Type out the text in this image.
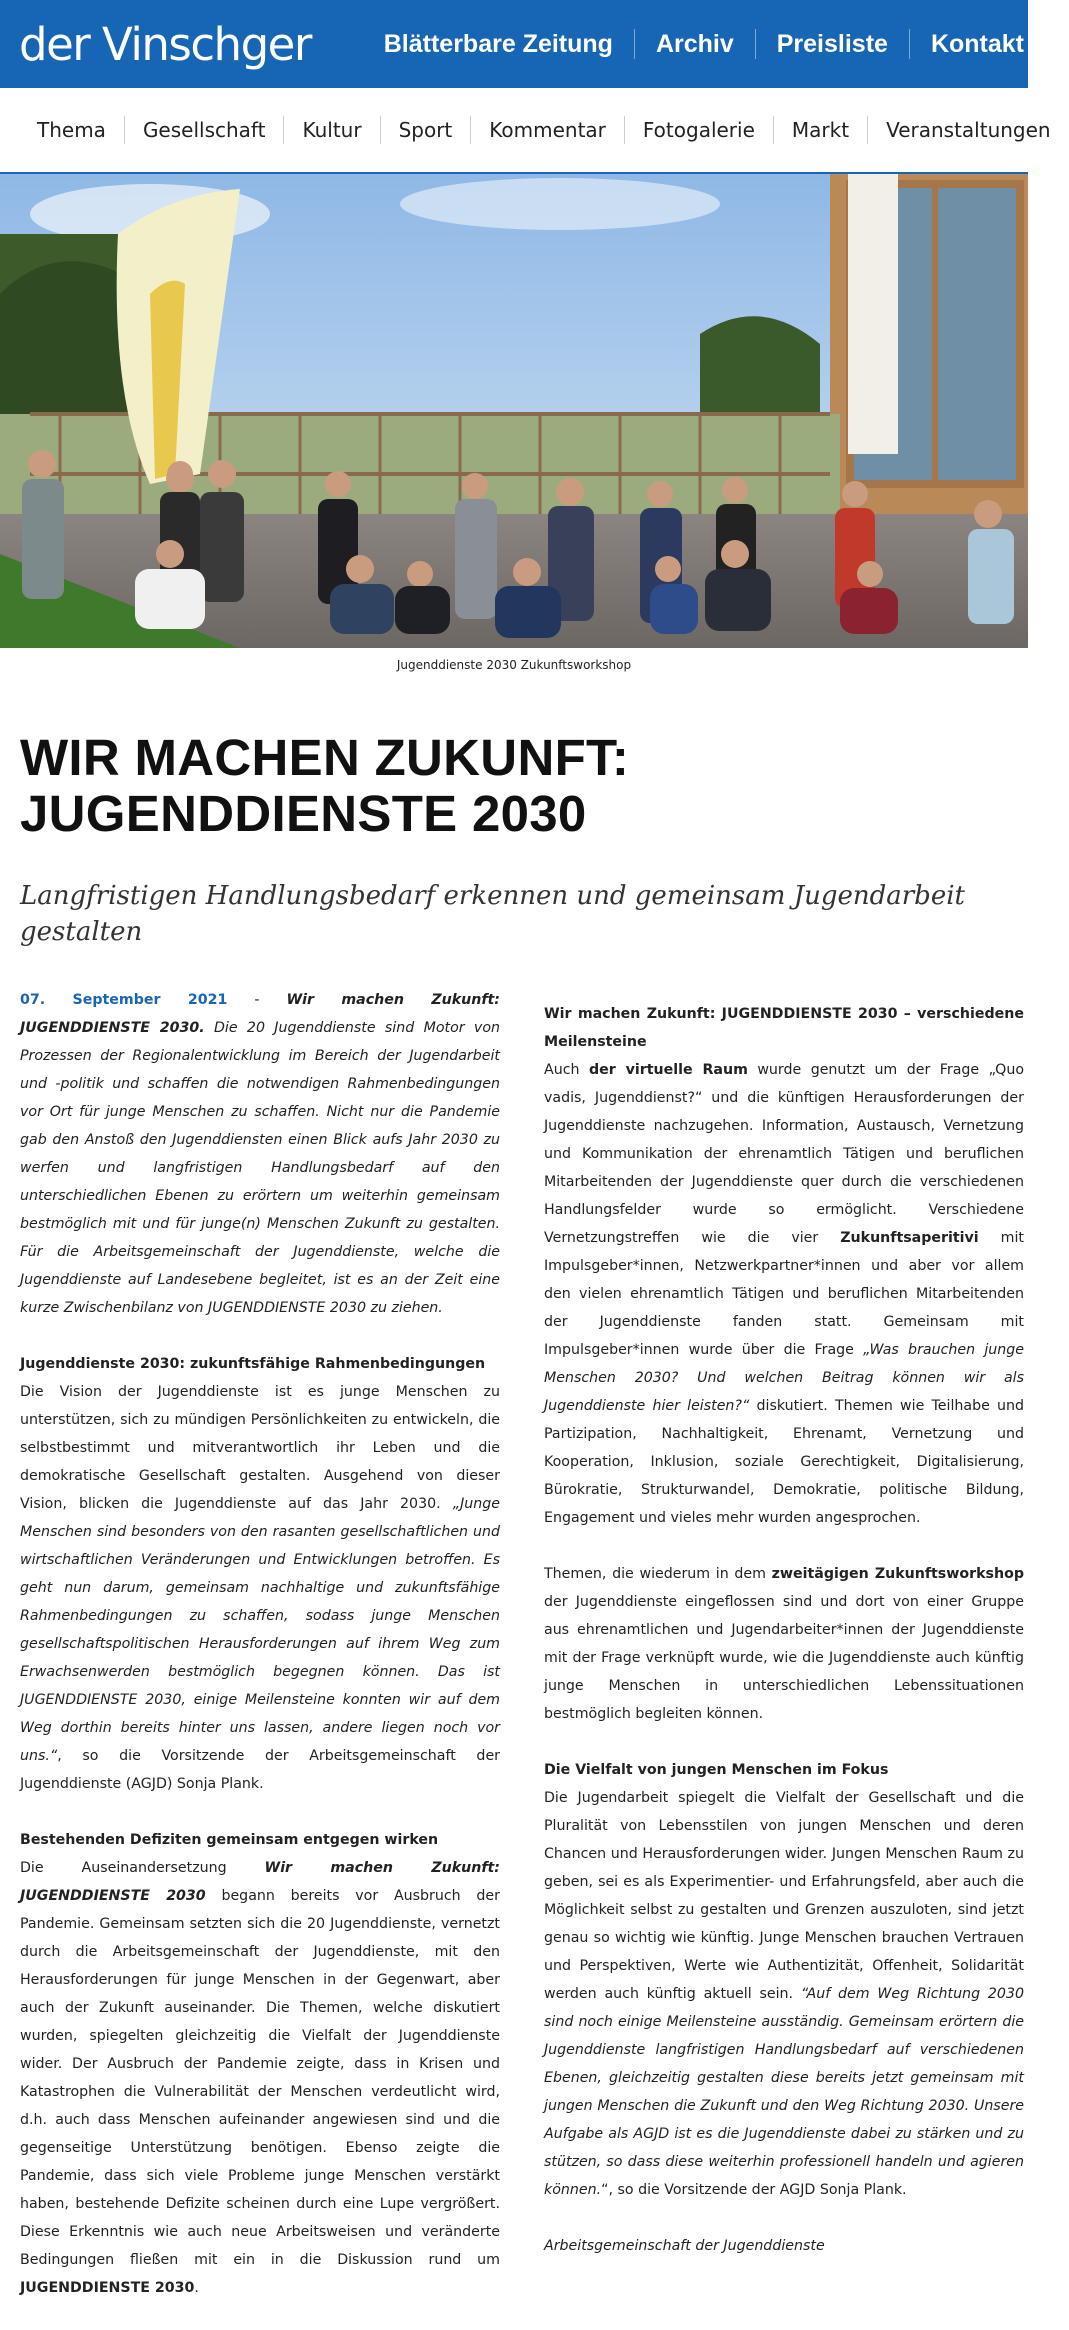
der Vinschger	Blätterbare Zeitung	Archiv	Preisliste	Kontakt
Thema	Gesellschaft	Kultur	Sport	Kommentar	Fotogalerie	Markt	Veranstaltungen
Jugenddienste 2030 Zukunftsworkshop
WIR MACHEN ZUKUNFT:
JUGENDDIENSTE 2030
Langfristigen Handlungsbedarf erkennen und gemeinsam Jugendarbeit gestalten

07. September 2021 - Wir machen Zukunft: JUGENDDIENSTE 2030. Die 20 Jugenddienste sind Motor von Prozessen der Regionalentwicklung im Bereich der Jugendarbeit und -politik und schaffen die notwendigen Rahmenbedingungen vor Ort für junge Menschen zu schaffen. Nicht nur die Pandemie gab den Anstoß den Jugenddiensten einen Blick aufs Jahr 2030 zu werfen und langfristigen Handlungsbedarf auf den unterschiedlichen Ebenen zu erörtern um weiterhin gemeinsam bestmöglich mit und für junge(n) Menschen Zukunft zu gestalten. Für die Arbeitsgemeinschaft der Jugenddienste, welche die Jugenddienste auf Landesebene begleitet, ist es an der Zeit eine kurze Zwischenbilanz von JUGENDDIENSTE 2030 zu ziehen.

Jugenddienste 2030: zukunftsfähige Rahmenbedingungen
Die Vision der Jugenddienste ist es junge Menschen zu unterstützen, sich zu mündigen Persönlichkeiten zu entwickeln, die selbstbestimmt und mitverantwortlich ihr Leben und die demokratische Gesellschaft gestalten. Ausgehend von dieser Vision, blicken die Jugenddienste auf das Jahr 2030. „Junge Menschen sind besonders von den rasanten gesellschaftlichen und wirtschaftlichen Veränderungen und Entwicklungen betroffen. Es geht nun darum, gemeinsam nachhaltige und zukunftsfähige Rahmenbedingungen zu schaffen, sodass junge Menschen gesellschaftspolitischen Herausforderungen auf ihrem Weg zum Erwachsenwerden bestmöglich begegnen können. Das ist JUGENDDIENSTE 2030, einige Meilensteine konnten wir auf dem Weg dorthin bereits hinter uns lassen, andere liegen noch vor uns.“, so die Vorsitzende der Arbeitsgemeinschaft der Jugenddienste (AGJD) Sonja Plank.

Bestehenden Defiziten gemeinsam entgegen wirken
Die Auseinandersetzung Wir machen Zukunft: JUGENDDIENSTE 2030 begann bereits vor Ausbruch der Pandemie. Gemeinsam setzten sich die 20 Jugenddienste, vernetzt durch die Arbeitsgemeinschaft der Jugenddienste, mit den Herausforderungen für junge Menschen in der Gegenwart, aber auch der Zukunft auseinander. Die Themen, welche diskutiert wurden, spiegelten gleichzeitig die Vielfalt der Jugenddienste wider. Der Ausbruch der Pandemie zeigte, dass in Krisen und Katastrophen die Vulnerabilität der Menschen verdeutlicht wird, d.h. auch dass Menschen aufeinander angewiesen sind und die gegenseitige Unterstützung benötigen. Ebenso zeigte die Pandemie, dass sich viele Probleme junge Menschen verstärkt haben, bestehende Defizite scheinen durch eine Lupe vergrößert. Diese Erkenntnis wie auch neue Arbeitsweisen und veränderte Bedingungen fließen mit ein in die Diskussion rund um JUGENDDIENSTE 2030.

Wir machen Zukunft: JUGENDDIENSTE 2030 – verschiedene Meilensteine
Auch der virtuelle Raum wurde genutzt um der Frage „Quo vadis, Jugenddienst?“ und die künftigen Herausforderungen der Jugenddienste nachzugehen. Information, Austausch, Vernetzung und Kommunikation der ehrenamtlich Tätigen und beruflichen Mitarbeitenden der Jugenddienste quer durch die verschiedenen Handlungsfelder wurde so ermöglicht. Verschiedene Vernetzungstreffen wie die vier Zukunftsaperitivi mit Impulsgeber*innen, Netzwerkpartner*innen und aber vor allem den vielen ehrenamtlich Tätigen und beruflichen Mitarbeitenden der Jugenddienste fanden statt. Gemeinsam mit Impulsgeber*innen wurde über die Frage „Was brauchen junge Menschen 2030? Und welchen Beitrag können wir als Jugenddienste hier leisten?“ diskutiert. Themen wie Teilhabe und Partizipation, Nachhaltigkeit, Ehrenamt, Vernetzung und Kooperation, Inklusion, soziale Gerechtigkeit, Digitalisierung, Bürokratie, Strukturwandel, Demokratie, politische Bildung, Engagement und vieles mehr wurden angesprochen.

Themen, die wiederum in dem zweitägigen Zukunftsworkshop der Jugenddienste eingeflossen sind und dort von einer Gruppe aus ehrenamtlichen und Jugendarbeiter*innen der Jugenddienste mit der Frage verknüpft wurde, wie die Jugenddienste auch künftig junge Menschen in unterschiedlichen Lebenssituationen bestmöglich begleiten können.

Die Vielfalt von jungen Menschen im Fokus
Die Jugendarbeit spiegelt die Vielfalt der Gesellschaft und die Pluralität von Lebensstilen von jungen Menschen und deren Chancen und Herausforderungen wider. Jungen Menschen Raum zu geben, sei es als Experimentier- und Erfahrungsfeld, aber auch die Möglichkeit selbst zu gestalten und Grenzen auszuloten, sind jetzt genau so wichtig wie künftig. Junge Menschen brauchen Vertrauen und Perspektiven, Werte wie Authentizität, Offenheit, Solidarität werden auch künftig aktuell sein. “Auf dem Weg Richtung 2030 sind noch einige Meilensteine ausständig. Gemeinsam erörtern die Jugenddienste langfristigen Handlungsbedarf auf verschiedenen Ebenen, gleichzeitig gestalten diese bereits jetzt gemeinsam mit jungen Menschen die Zukunft und den Weg Richtung 2030. Unsere Aufgabe als AGJD ist es die Jugenddienste dabei zu stärken und zu stützen, so dass diese weiterhin professionell handeln und agieren können.“, so die Vorsitzende der AGJD Sonja Plank.

Arbeitsgemeinschaft der Jugenddienste
